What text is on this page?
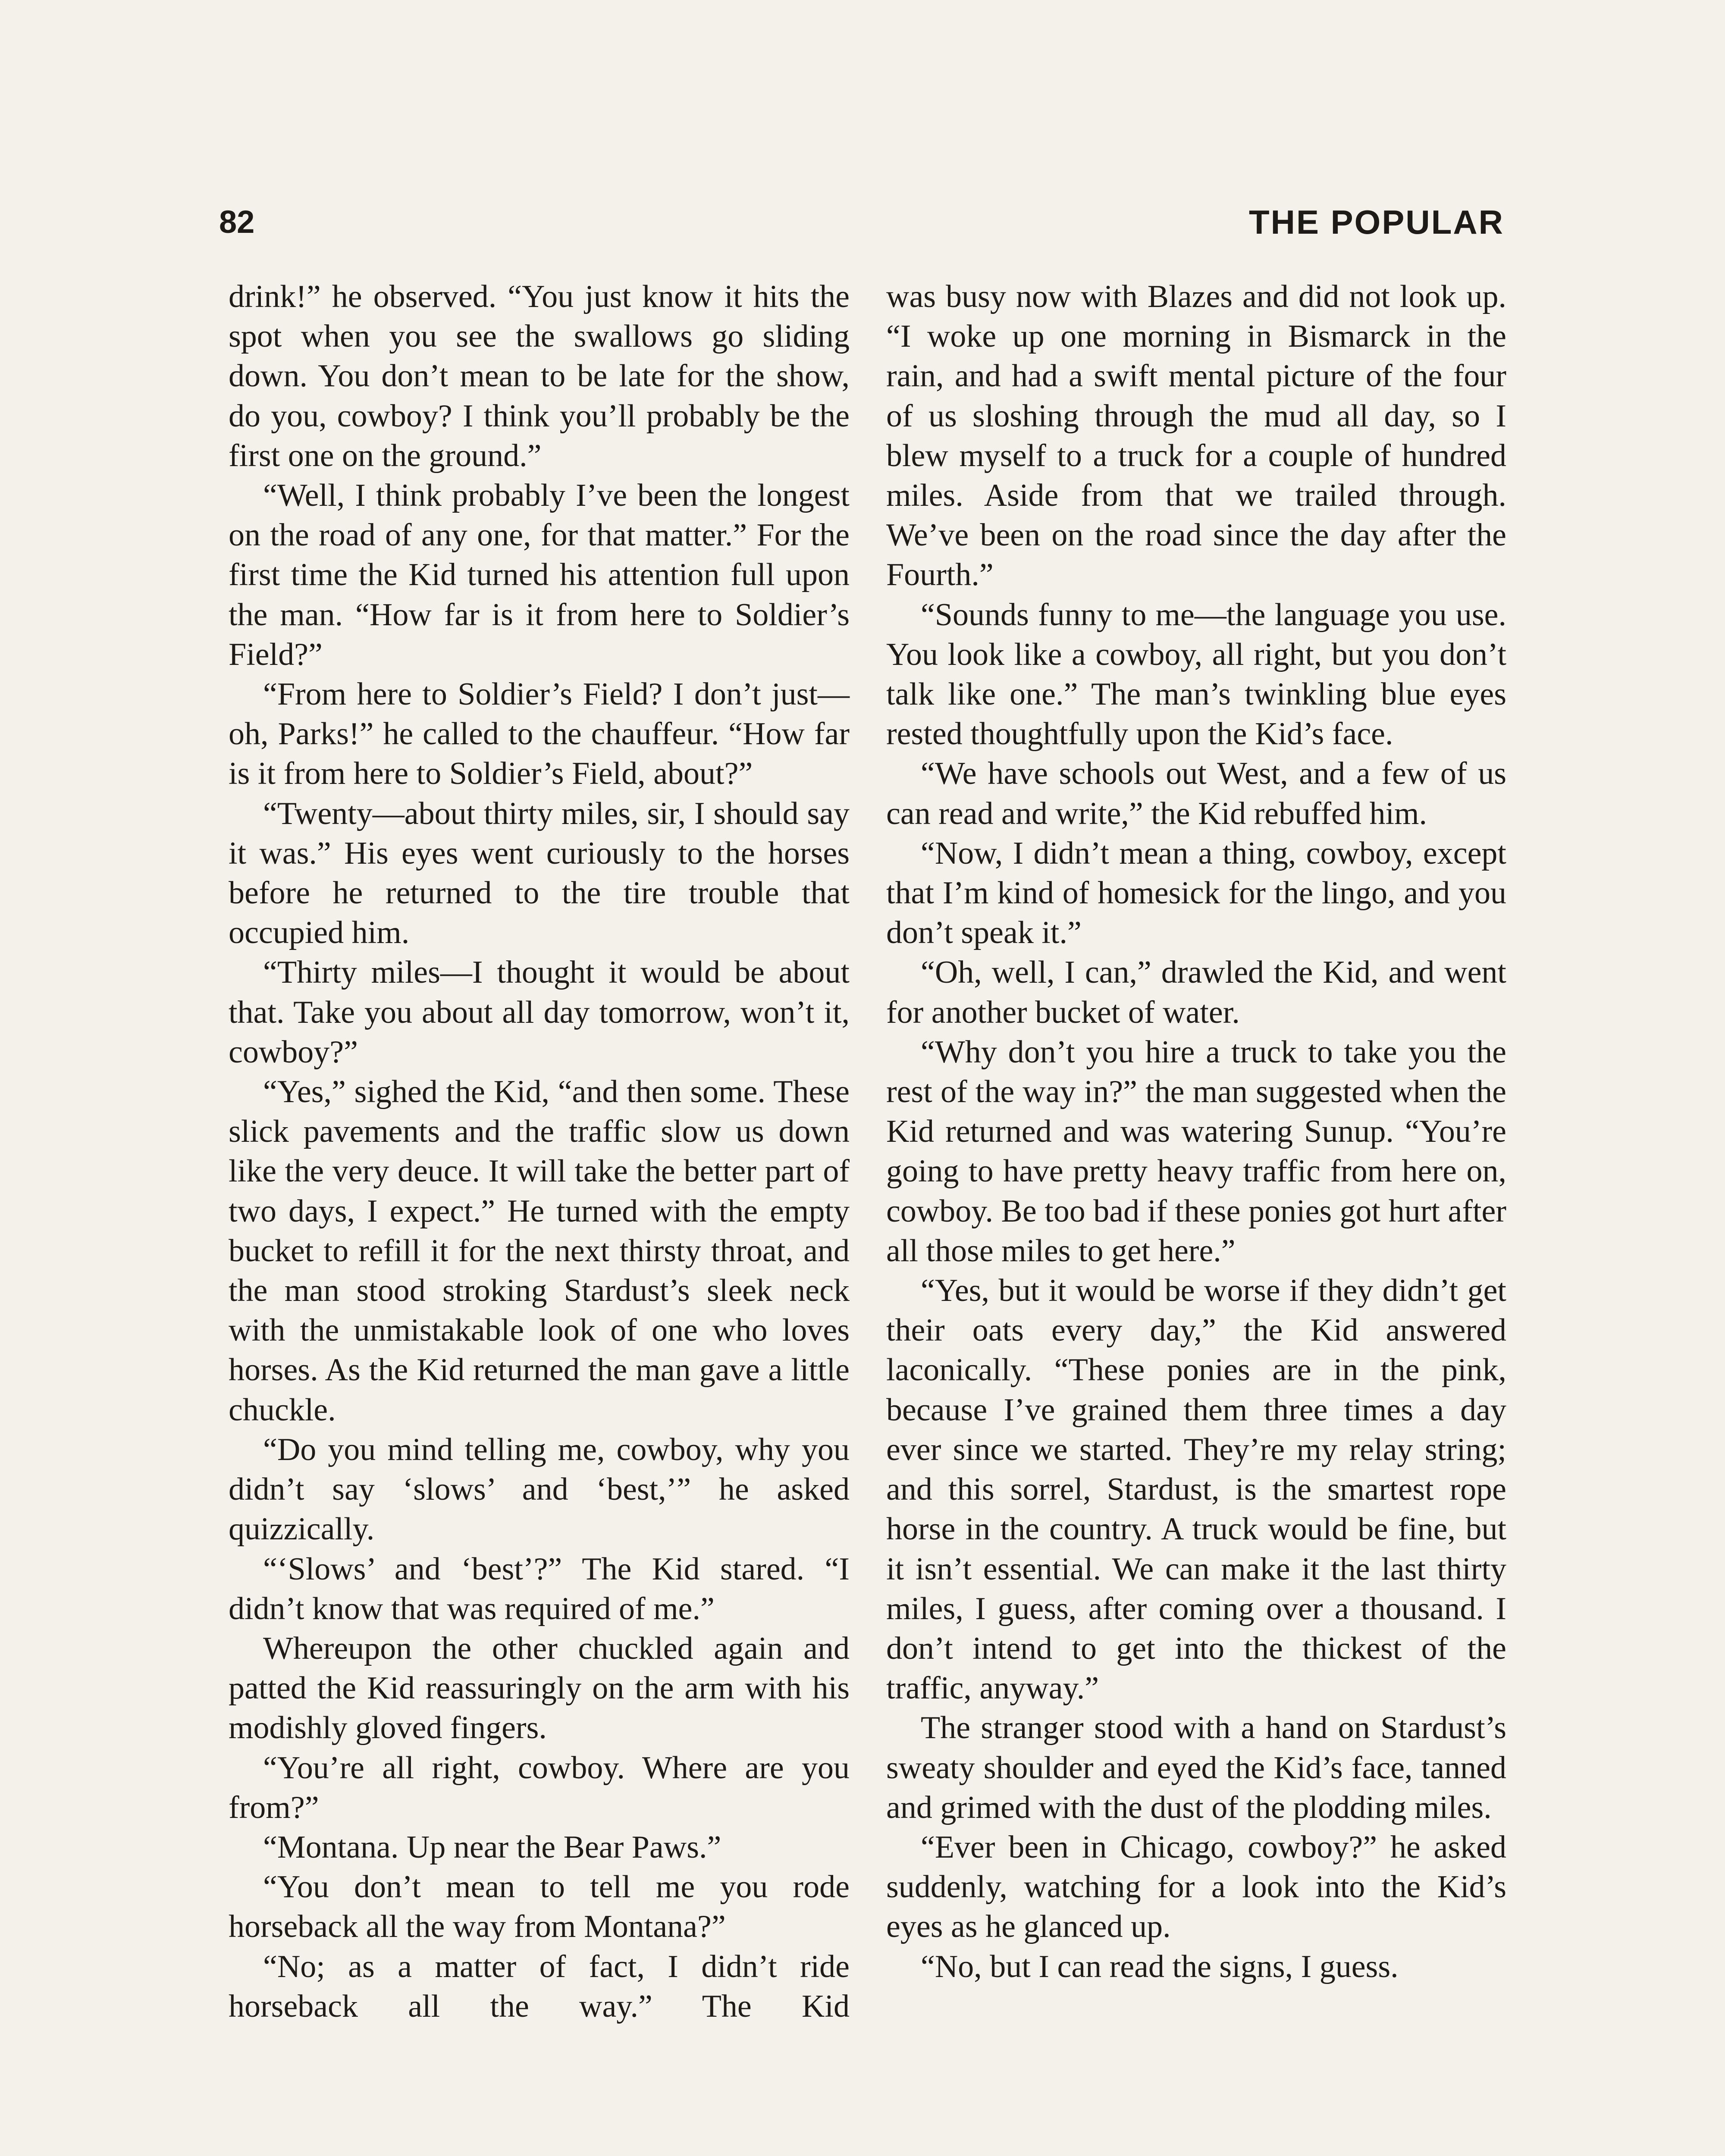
82	THE POPULAR

drink!” he observed. “You just know it hits the spot when you see the swallows go sliding down. You don’t mean to be late for the show, do you, cowboy? I think you’ll probably be the first one on the ground.”

“Well, I think probably I’ve been the longest on the road of any one, for that matter.” For the first time the Kid turned his attention full upon the man. “How far is it from here to Soldier’s Field?”

“From here to Soldier’s Field? I don’t just—oh, Parks!” he called to the chauffeur. “How far is it from here to Soldier’s Field, about?”

“Twenty—about thirty miles, sir, I should say it was.” His eyes went curiously to the horses before he returned to the tire trouble that occupied him.

“Thirty miles—I thought it would be about that. Take you about all day tomorrow, won’t it, cowboy?”

“Yes,” sighed the Kid, “and then some. These slick pavements and the traffic slow us down like the very deuce. It will take the better part of two days, I expect.” He turned with the empty bucket to refill it for the next thirsty throat, and the man stood stroking Stardust’s sleek neck with the unmistakable look of one who loves horses. As the Kid returned the man gave a little chuckle.

“Do you mind telling me, cowboy, why you didn’t say ‘slows’ and ‘best,’” he asked quizzically.

“‘Slows’ and ‘best’?” The Kid stared. “I didn’t know that was required of me.”

Whereupon the other chuckled again and patted the Kid reassuringly on the arm with his modishly gloved fingers.

“You’re all right, cowboy. Where are you from?”

“Montana. Up near the Bear Paws.”

“You don’t mean to tell me you rode horseback all the way from Montana?”

“No; as a matter of fact, I didn’t ride horseback all the way.” The Kid

was busy now with Blazes and did not look up. “I woke up one morning in Bismarck in the rain, and had a swift mental picture of the four of us sloshing through the mud all day, so I blew myself to a truck for a couple of hundred miles. Aside from that we trailed through. We’ve been on the road since the day after the Fourth.”

“Sounds funny to me—the language you use. You look like a cowboy, all right, but you don’t talk like one.” The man’s twinkling blue eyes rested thoughtfully upon the Kid’s face.

“We have schools out West, and a few of us can read and write,” the Kid rebuffed him.

“Now, I didn’t mean a thing, cowboy, except that I’m kind of homesick for the lingo, and you don’t speak it.”

“Oh, well, I can,” drawled the Kid, and went for another bucket of water.

“Why don’t you hire a truck to take you the rest of the way in?” the man suggested when the Kid returned and was watering Sunup. “You’re going to have pretty heavy traffic from here on, cowboy. Be too bad if these ponies got hurt after all those miles to get here.”

“Yes, but it would be worse if they didn’t get their oats every day,” the Kid answered laconically. “These ponies are in the pink, because I’ve grained them three times a day ever since we started. They’re my relay string; and this sorrel, Stardust, is the smartest rope horse in the country. A truck would be fine, but it isn’t essential. We can make it the last thirty miles, I guess, after coming over a thousand. I don’t intend to get into the thickest of the traffic, anyway.”

The stranger stood with a hand on Stardust’s sweaty shoulder and eyed the Kid’s face, tanned and grimed with the dust of the plodding miles.

“Ever been in Chicago, cowboy?” he asked suddenly, watching for a look into the Kid’s eyes as he glanced up.

“No, but I can read the signs, I guess.
